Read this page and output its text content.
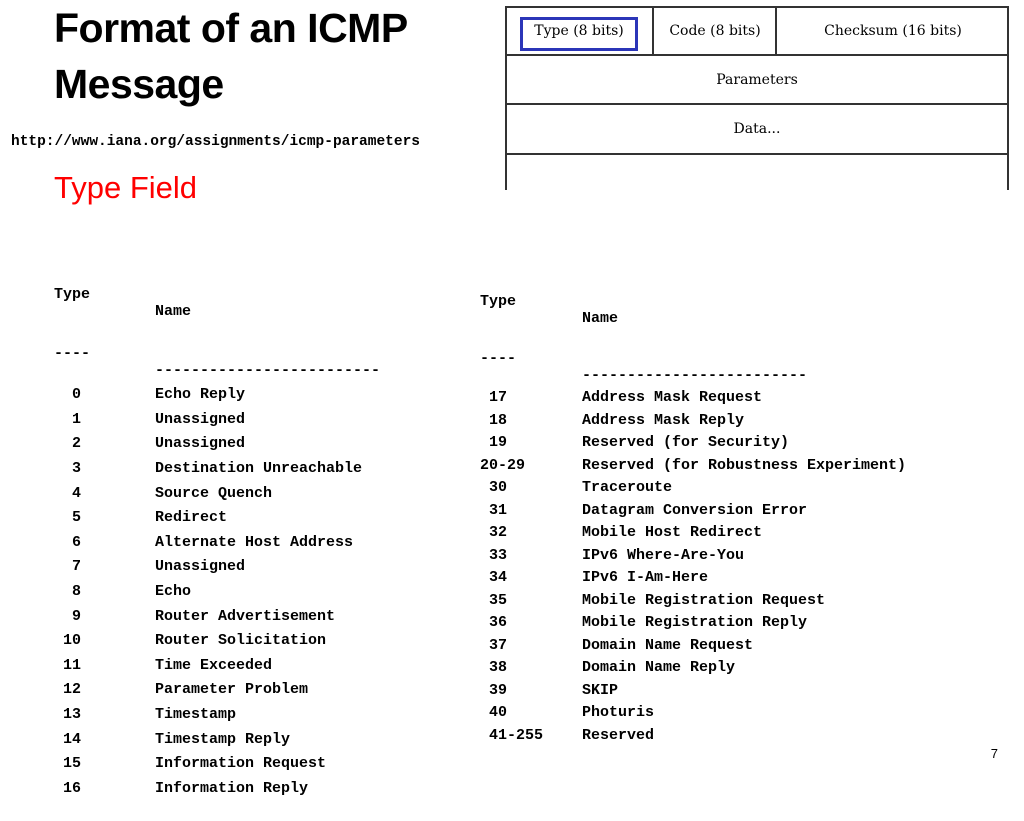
Format of an ICMP Message
http://www.iana.org/assignments/icmp-parameters
Type Field
Type (8 bits)	Code (8 bits)	Checksum (16 bits)
Parameters
Data...

Type

Name

----

-------------------------

0	Echo Reply
1	Unassigned
2	Unassigned
3	Destination Unreachable
4	Source Quench
5	Redirect
6	Alternate Host Address
7	Unassigned
8	Echo
9	Router Advertisement
10	Router Solicitation
11	Time Exceeded
12	Parameter Problem
13	Timestamp
14	Timestamp Reply
15	Information Request
16	Information Reply

Type

Name

----

-------------------------

17	Address Mask Request
18	Address Mask Reply
19	Reserved (for Security)
20-29	Reserved (for Robustness Experiment)
30	Traceroute
31	Datagram Conversion Error
32	Mobile Host Redirect
33	IPv6 Where-Are-You
34	IPv6 I-Am-Here
35	Mobile Registration Request
36	Mobile Registration Reply
37	Domain Name Request
38	Domain Name Reply
39	SKIP
40	Photuris
41-255	Reserved

7
